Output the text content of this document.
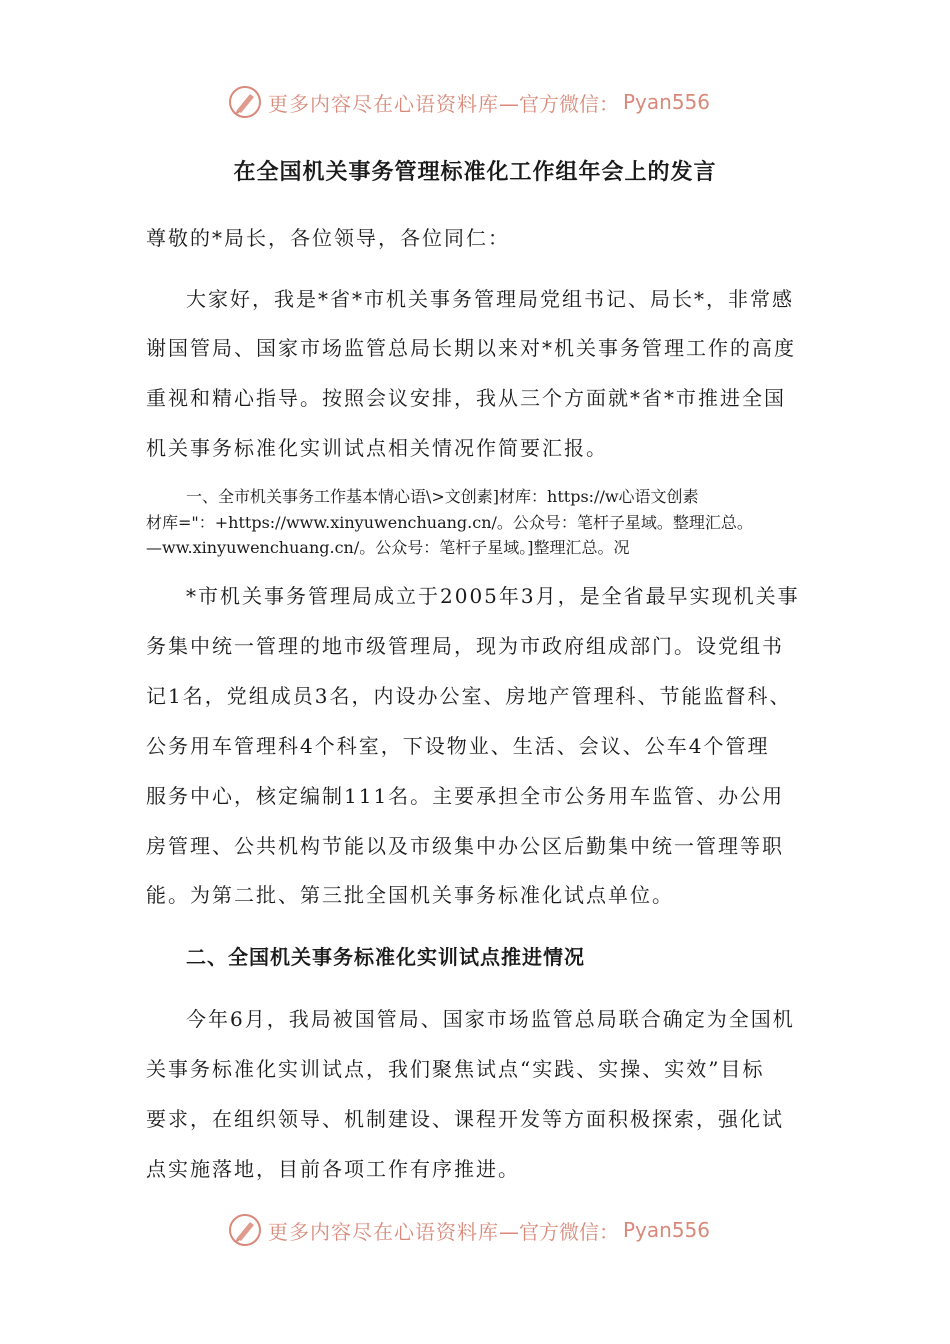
更多内容尽在心语资料库 —官方微信： Pyan556
在全国机关事务管理标准化工作组年会上的发言
尊敬的*局长，各位领导，各位同仁：
大家好，我是*省*市机关事务管理局党组书记、局长*，非常感
谢国管局、国家市场监管总局长期以来对*机关事务管理工作的高度
重视和精心指导。按照会议安排，我从三个方面就*省*市推进全国
机关事务标准化实训试点相关情况作简要汇报。
一、全市机关事务工作基本情心语\>文创素]材库：https://w心语文创素
材库="：+https://www.xinyuwenchuang.cn/。公众号：笔杆子星域。整理汇总。
—ww.xinyuwenchuang.cn/。公众号：笔杆子星域。]整理汇总。况
*市机关事务管理局成立于2005年3月，是全省最早实现机关事
务集中统一管理的地市级管理局，现为市政府组成部门。设党组书
记1名，党组成员3名，内设办公室、房地产管理科、节能监督科、
公务用车管理科4个科室，下设物业、生活、会议、公车4个管理
服务中心，核定编制111名。主要承担全市公务用车监管、办公用
房管理、公共机构节能以及市级集中办公区后勤集中统一管理等职
能。为第二批、第三批全国机关事务标准化试点单位。
二、全国机关事务标准化实训试点推进情况
今年6月，我局被国管局、国家市场监管总局联合确定为全国机
关事务标准化实训试点，我们聚焦试点“实践、实操、实效”目标
要求，在组织领导、机制建设、课程开发等方面积极探索，强化试
点实施落地，目前各项工作有序推进。
更多内容尽在心语资料库 —官方微信： Pyan556
